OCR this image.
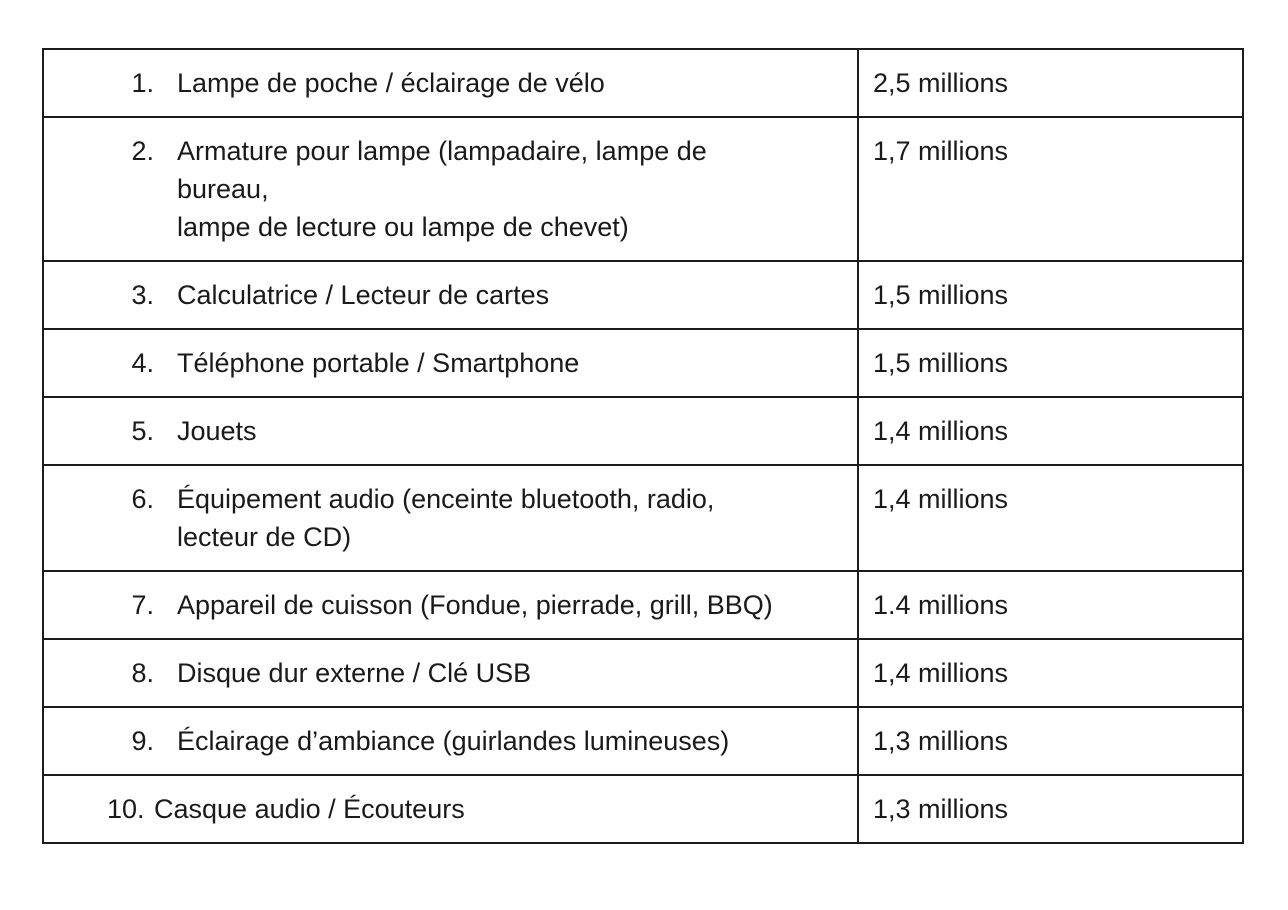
1. Lampe de poche / éclairage de vélo	2,5 millions

2. Armature pour lampe (lampadaire, lampe de
bureau,
lampe de lecture ou lampe de chevet)	1,7 millions

3. Calculatrice / Lecteur de cartes	1,5 millions

4. Téléphone portable / Smartphone	1,5 millions

5. Jouets	1,4 millions

6. Équipement audio (enceinte bluetooth, radio,
lecteur de CD)	1,4 millions

7. Appareil de cuisson (Fondue, pierrade, grill, BBQ)	1.4 millions

8. Disque dur externe / Clé USB	1,4 millions

9. Éclairage d’ambiance (guirlandes lumineuses)	1,3 millions

10. Casque audio / Écouteurs	1,3 millions
